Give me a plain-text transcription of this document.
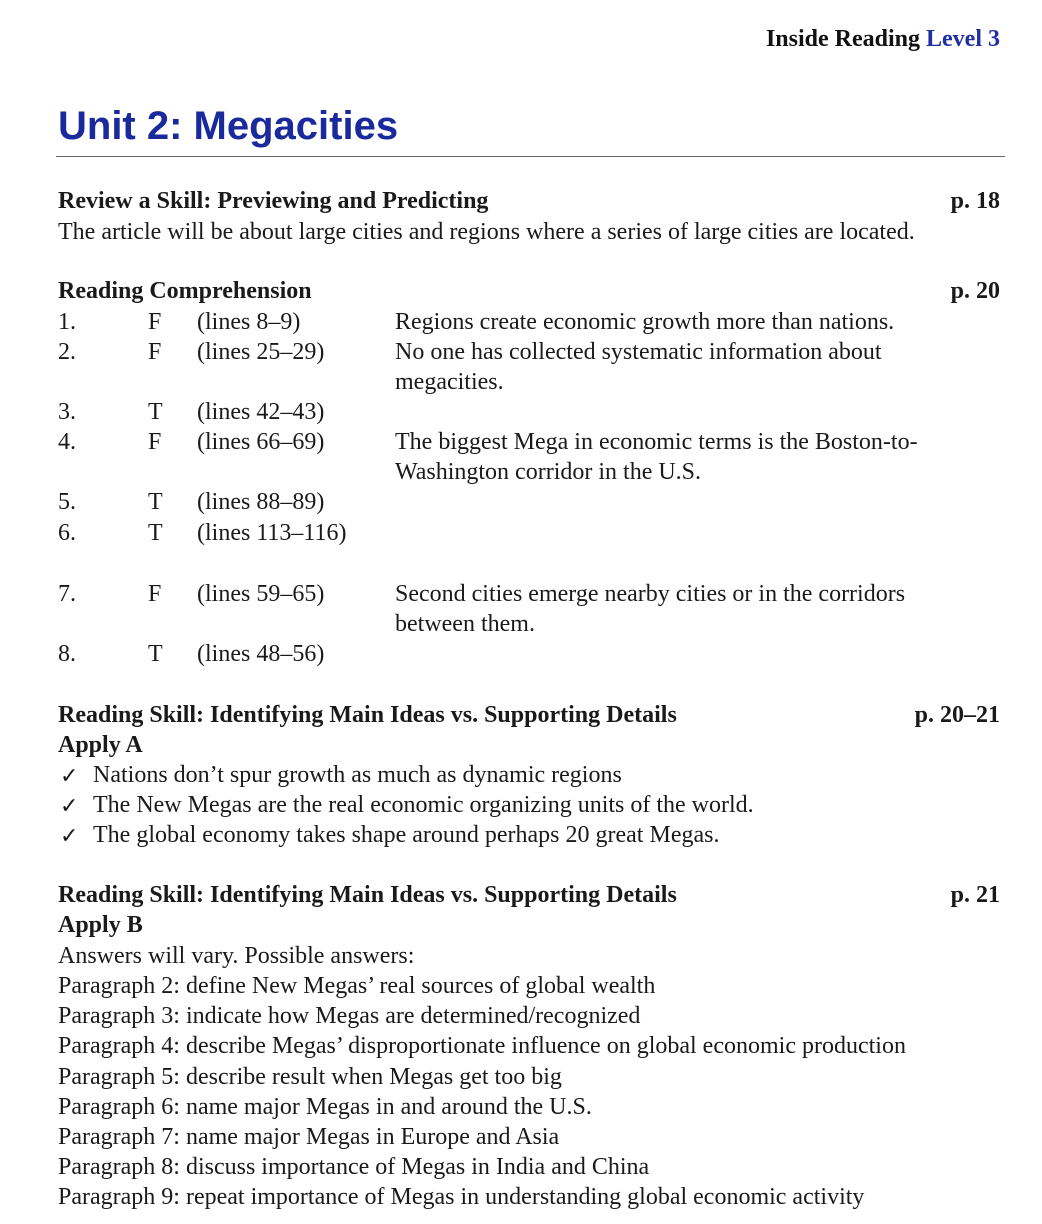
Inside Reading Level 3
Unit 2: Megacities
Review a Skill: Previewing and Predicting	p. 18
The article will be about large cities and regions where a series of large cities are located.
Reading Comprehension	p. 20
1.	F (lines 8–9)	Regions create economic growth more than nations.
2.	F (lines 25–29)	No one has collected systematic information about
megacities.
3.	T (lines 42–43)
4.	F (lines 66–69)	The biggest Mega in economic terms is the Boston-to-
Washington corridor in the U.S.
5.	T (lines 88–89)
6.	T (lines 113–116)
7.	F (lines 59–65)	Second cities emerge nearby cities or in the corridors
between them.
8.	T (lines 48–56)
Reading Skill: Identifying Main Ideas vs. Supporting Details	p. 20–21
Apply A
✓ Nations don’t spur growth as much as dynamic regions
✓ The New Megas are the real economic organizing units of the world.
✓ The global economy takes shape around perhaps 20 great Megas.
Reading Skill: Identifying Main Ideas vs. Supporting Details	p. 21
Apply B
Answers will vary. Possible answers:
Paragraph 2: define New Megas’ real sources of global wealth
Paragraph 3: indicate how Megas are determined/recognized
Paragraph 4: describe Megas’ disproportionate influence on global economic production
Paragraph 5: describe result when Megas get too big
Paragraph 6: name major Megas in and around the U.S.
Paragraph 7: name major Megas in Europe and Asia
Paragraph 8: discuss importance of Megas in India and China
Paragraph 9: repeat importance of Megas in understanding global economic activity
